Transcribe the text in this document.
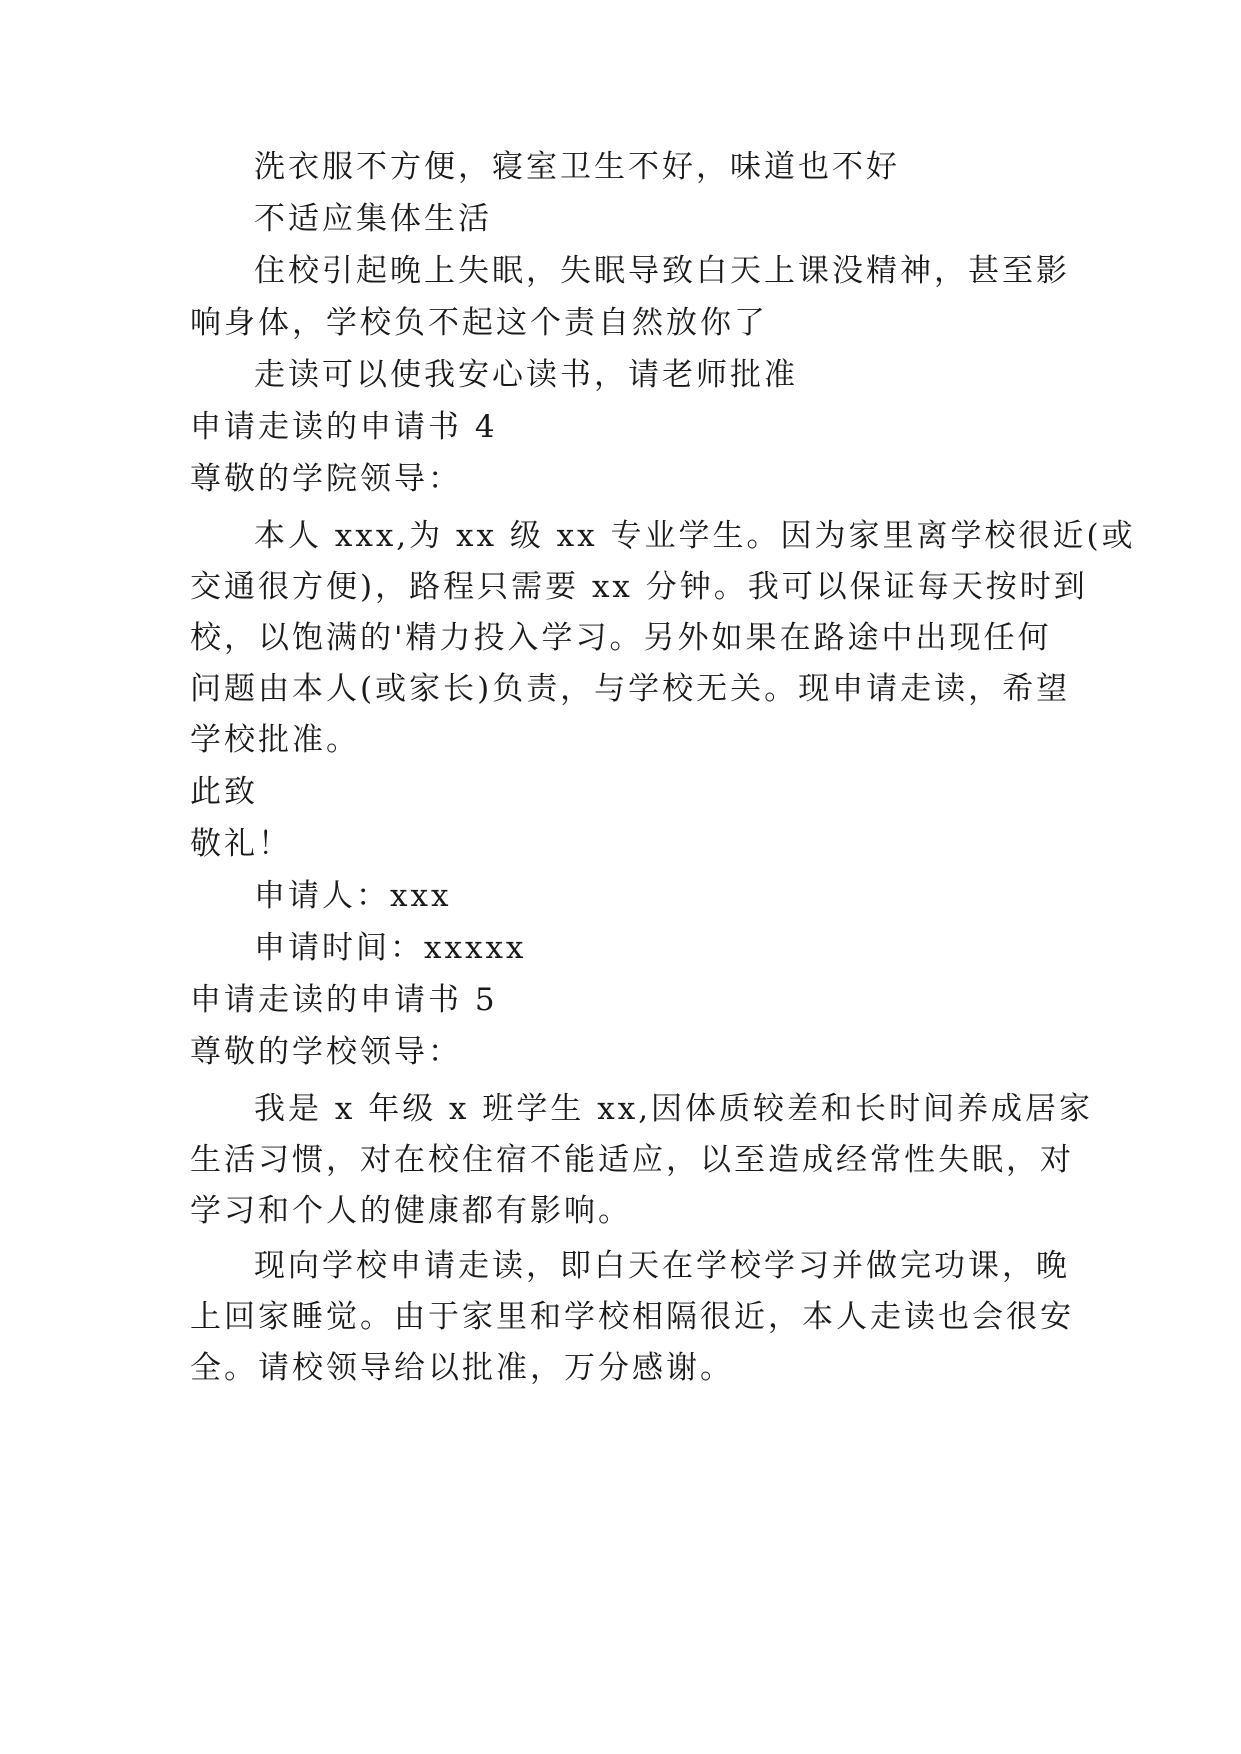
洗衣服不方便，寝室卫生不好，味道也不好
不适应集体生活
住校引起晚上失眠，失眠导致白天上课没精神，甚至影
响身体，学校负不起这个责自然放你了
走读可以使我安心读书，请老师批准
申请走读的申请书 4
尊敬的学院领导：
本人 xxx,为 xx 级 xx 专业学生。因为家里离学校很近(或
交通很方便)，路程只需要 xx 分钟。我可以保证每天按时到
校，以饱满的'精力投入学习。另外如果在路途中出现任何
问题由本人(或家长)负责，与学校无关。现申请走读，希望
学校批准。
此致
敬礼！
申请人：xxx
申请时间：xxxxx
申请走读的申请书 5
尊敬的学校领导：
我是 x 年级 x 班学生 xx,因体质较差和长时间养成居家
生活习惯，对在校住宿不能适应，以至造成经常性失眠，对
学习和个人的健康都有影响。
现向学校申请走读，即白天在学校学习并做完功课，晚
上回家睡觉。由于家里和学校相隔很近，本人走读也会很安
全。请校领导给以批准，万分感谢。
